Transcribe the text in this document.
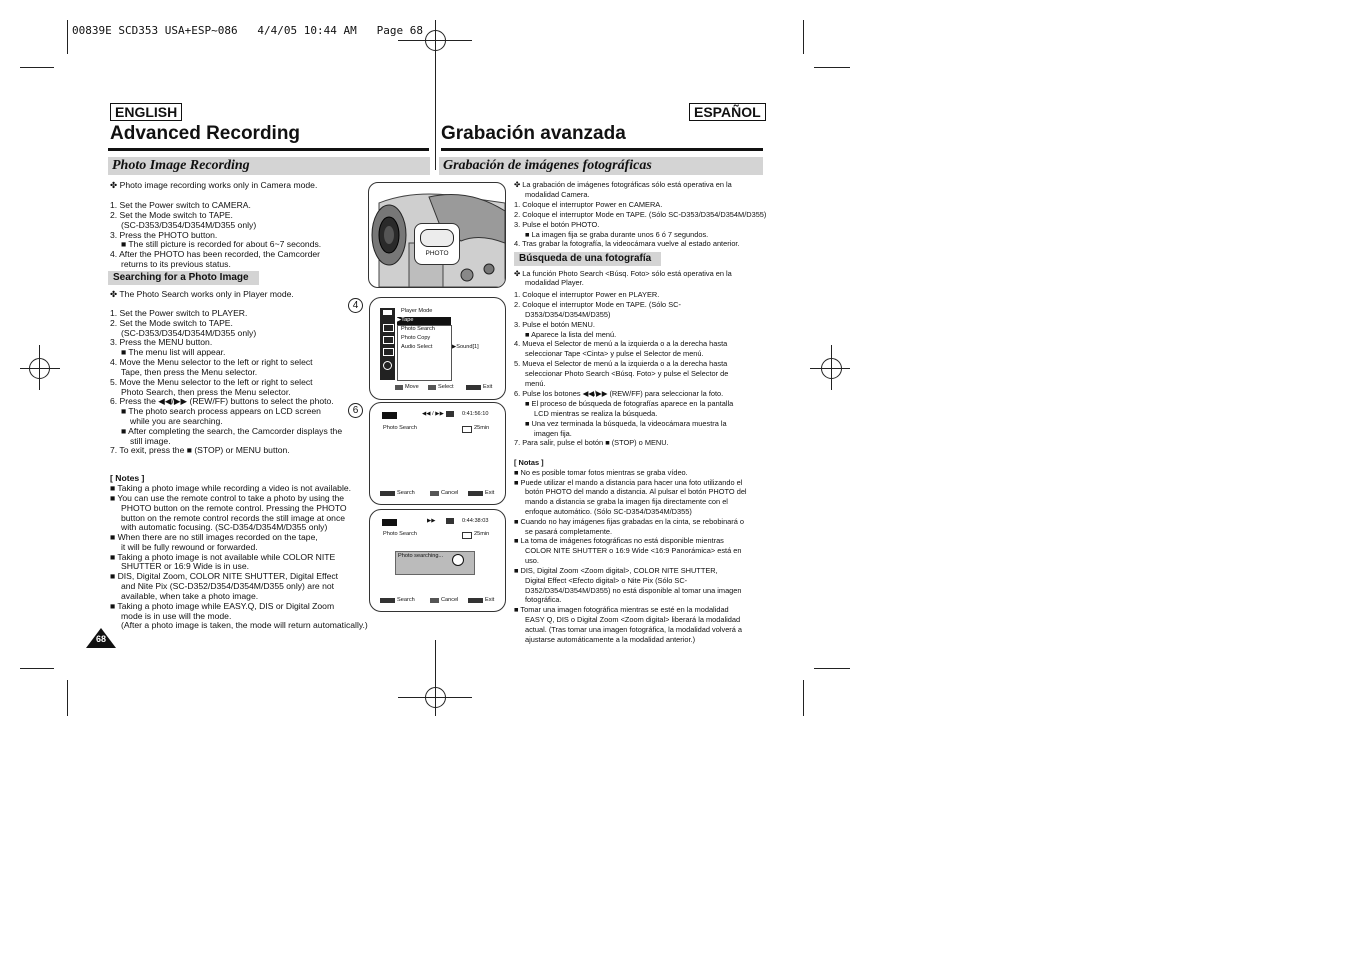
00839E SCD353 USA+ESP~086   4/4/05 10:44 AM   Page 68
ENGLISH	ESPAÑOL
Advanced Recording	Grabación avanzada
Photo Image Recording	Grabación de imágenes fotográficas
✤ Photo image recording works only in Camera mode.
1. Set the Power switch to CAMERA.
2. Set the Mode switch to TAPE.
(SC-D353/D354/D354M/D355 only)
3. Press the PHOTO button.
■ The still picture is recorded for about 6~7 seconds.
4. After the PHOTO has been recorded, the Camcorder
returns to its previous status.
Searching for a Photo Image
✤ The Photo Search works only in Player mode.
1. Set the Power switch to PLAYER.
2. Set the Mode switch to TAPE.
(SC-D353/D354/D354M/D355 only)
3. Press the MENU button.
■ The menu list will appear.
4. Move the Menu selector to the left or right to select
Tape, then press the Menu selector.
5. Move the Menu selector to the left or right to select
Photo Search, then press the Menu selector.
6. Press the ◀◀/▶▶ (REW/FF) buttons to select the photo.
■ The photo search process appears on LCD screen
while you are searching.
■ After completing the search, the Camcorder displays the
still image.
7. To exit, press the ■ (STOP) or MENU button.
[ Notes ]
■ Taking a photo image while recording a video is not available.
■ You can use the remote control to take a photo by using the
PHOTO button on the remote control. Pressing the PHOTO
button on the remote control records the still image at once
with automatic focusing. (SC-D354/D354M/D355 only)
■ When there are no still images recorded on the tape,
it will be fully rewound or forwarded.
■ Taking a photo image is not available while COLOR NITE
SHUTTER or 16:9 Wide is in use.
■ DIS, Digital Zoom, COLOR NITE SHUTTER, Digital Effect
and Nite Pix (SC-D352/D354/D354M/D355 only) are not
available, when take a photo image.
■ Taking a photo image while EASY.Q, DIS or Digital Zoom
mode is in use will the mode.
(After a photo image is taken, the mode will return automatically.)
68
PHOTO
4
6
Player Mode
▶Tape
Photo Search
Photo Copy
Audio Select	▶Sound[1]
Move	Select	Exit
◀◀ / ▶▶	0:41:56:10
Photo Search	25min
Search	Cancel	Exit
▶▶	0:44:38:03
Photo Search	25min
Photo searching...
Search	Cancel	Exit
✤ La grabación de imágenes fotográficas sólo está operativa en la
modalidad Camera.
1. Coloque el interruptor Power en CAMERA.
2. Coloque el interruptor Mode en TAPE. (Sólo SC-D353/D354/D354M/D355)
3. Pulse el botón PHOTO.
■ La imagen fija se graba durante unos 6 ó 7 segundos.
4. Tras grabar la fotografía, la videocámara vuelve al estado anterior.
Búsqueda de una fotografía
✤ La función Photo Search <Búsq. Foto> sólo está operativa en la
modalidad Player.
1. Coloque el interruptor Power en PLAYER.
2. Coloque el interruptor Mode en TAPE. (Sólo SC-
D353/D354/D354M/D355)
3. Pulse el botón MENU.
■ Aparece la lista del menú.
4. Mueva el Selector de menú a la izquierda o a la derecha hasta
seleccionar Tape <Cinta> y pulse el Selector de menú.
5. Mueva el Selector de menú a la izquierda o a la derecha hasta
seleccionar Photo Search <Búsq. Foto> y pulse el Selector de
menú.
6. Pulse los botones ◀◀/▶▶ (REW/FF) para seleccionar la foto.
■ El proceso de búsqueda de fotografías aparece en la pantalla
LCD mientras se realiza la búsqueda.
■ Una vez terminada la búsqueda, la videocámara muestra la
imagen fija.
7. Para salir, pulse el botón ■ (STOP) o MENU.
[ Notas ]
■ No es posible tomar fotos mientras se graba vídeo.
■ Puede utilizar el mando a distancia para hacer una foto utilizando el
botón PHOTO del mando a distancia. Al pulsar el botón PHOTO del
mando a distancia se graba la imagen fija directamente con el
enfoque automático. (Sólo SC-D354/D354M/D355)
■ Cuando no hay imágenes fijas grabadas en la cinta, se rebobinará o
se pasará completamente.
■ La toma de imágenes fotográficas no está disponible mientras
COLOR NITE SHUTTER o 16:9 Wide <16:9 Panorámica> está en
uso.
■ DIS, Digital Zoom <Zoom digital>, COLOR NITE SHUTTER,
Digital Effect <Efecto digital> o Nite Pix (Sólo SC-
D352/D354/D354M/D355) no está disponible al tomar una imagen
fotográfica.
■ Tomar una imagen fotográfica mientras se esté en la modalidad
EASY Q, DIS o Digital Zoom <Zoom digital> liberará la modalidad
actual. (Tras tomar una imagen fotográfica, la modalidad volverá a
ajustarse automáticamente a la modalidad anterior.)
